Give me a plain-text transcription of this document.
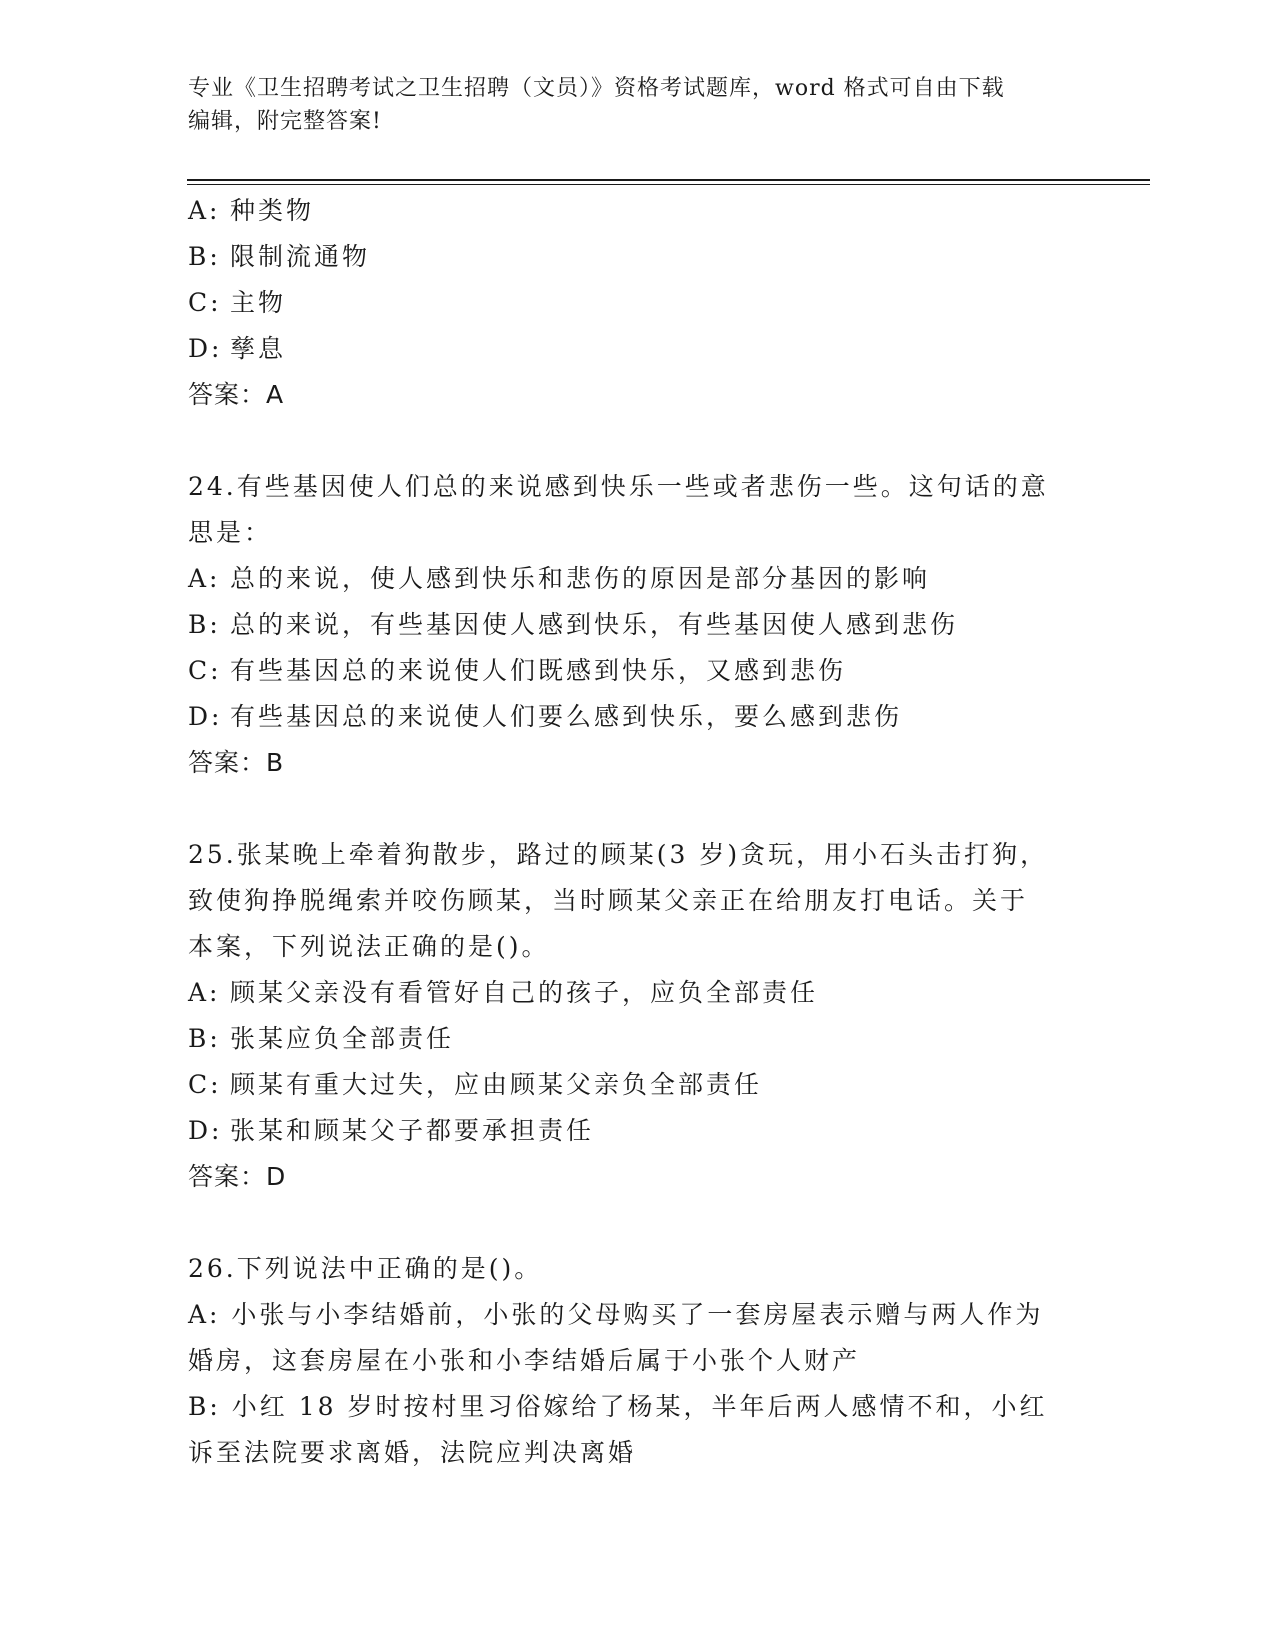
专业《卫生招聘考试之卫生招聘（文员）》资格考试题库，word 格式可自由下载
编辑，附完整答案!
A: 种类物
B: 限制流通物
C: 主物
D: 孳息
答案：A
24.有些基因使人们总的来说感到快乐一些或者悲伤一些。这句话的意
思是：
A: 总的来说，使人感到快乐和悲伤的原因是部分基因的影响
B: 总的来说，有些基因使人感到快乐，有些基因使人感到悲伤
C: 有些基因总的来说使人们既感到快乐，又感到悲伤
D: 有些基因总的来说使人们要么感到快乐，要么感到悲伤
答案：B
25.张某晚上牵着狗散步，路过的顾某(3 岁)贪玩，用小石头击打狗，
致使狗挣脱绳索并咬伤顾某，当时顾某父亲正在给朋友打电话。关于
本案，下列说法正确的是()。
A: 顾某父亲没有看管好自己的孩子，应负全部责任
B: 张某应负全部责任
C: 顾某有重大过失，应由顾某父亲负全部责任
D: 张某和顾某父子都要承担责任
答案：D
26.下列说法中正确的是()。
A: 小张与小李结婚前，小张的父母购买了一套房屋表示赠与两人作为
婚房，这套房屋在小张和小李结婚后属于小张个人财产
B: 小红 18 岁时按村里习俗嫁给了杨某，半年后两人感情不和，小红
诉至法院要求离婚，法院应判决离婚
